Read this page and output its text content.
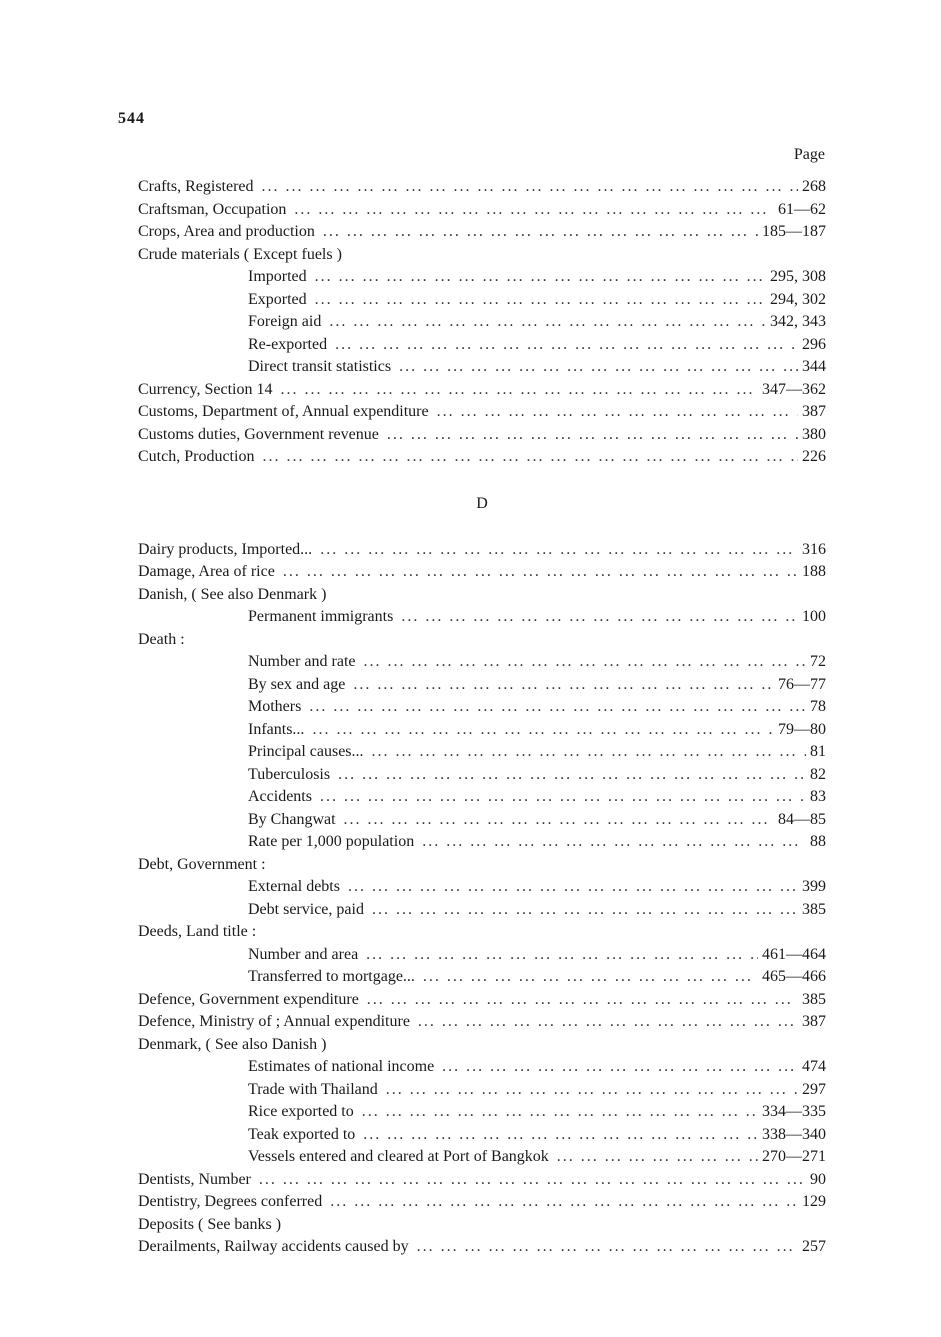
544
Page
Crafts, Registered ... .	268
Craftsman, Occupation ... .	61—62
Crops, Area and production ... .	185—187
Crude materials ( Except fuels )
Imported ... .	295, 308
Exported ... .	294, 302
Foreign aid ... .	342, 343
Re-exported ... .	296
Direct transit statistics ... .	344
Currency, Section 14 ... .	347—362
Customs, Department of, Annual expenditure ... .	387
Customs duties, Government revenue ... .	380
Cutch, Production ... .	226
D
Dairy products, Imported... ... .	316
Damage, Area of rice ... .	188
Danish, ( See also Denmark )
Permanent immigrants ... .	100
Death :
Number and rate ... .	72
By sex and age ... .	76—77
Mothers ... .	78
Infants... ... .	79—80
Principal causes... ... .	81
Tuberculosis ... .	82
Accidents ... .	83
By Changwat ... .	84—85
Rate per 1,000 population ... .	88
Debt, Government :
External debts ... .	399
Debt service, paid ... .	385
Deeds, Land title :
Number and area ... .	461—464
Transferred to mortgage... ... .	465—466
Defence, Government expenditure ... .	385
Defence, Ministry of ; Annual expenditure ... .	387
Denmark, ( See also Danish )
Estimates of national income ... .	474
Trade with Thailand ... .	297
Rice exported to ... .	334—335
Teak exported to ... .	338—340
Vessels entered and cleared at Port of Bangkok ... .	270—271
Dentists, Number ... .	90
Dentistry, Degrees conferred ... .	129
Deposits ( See banks )
Derailments, Railway accidents caused by ... .	257
